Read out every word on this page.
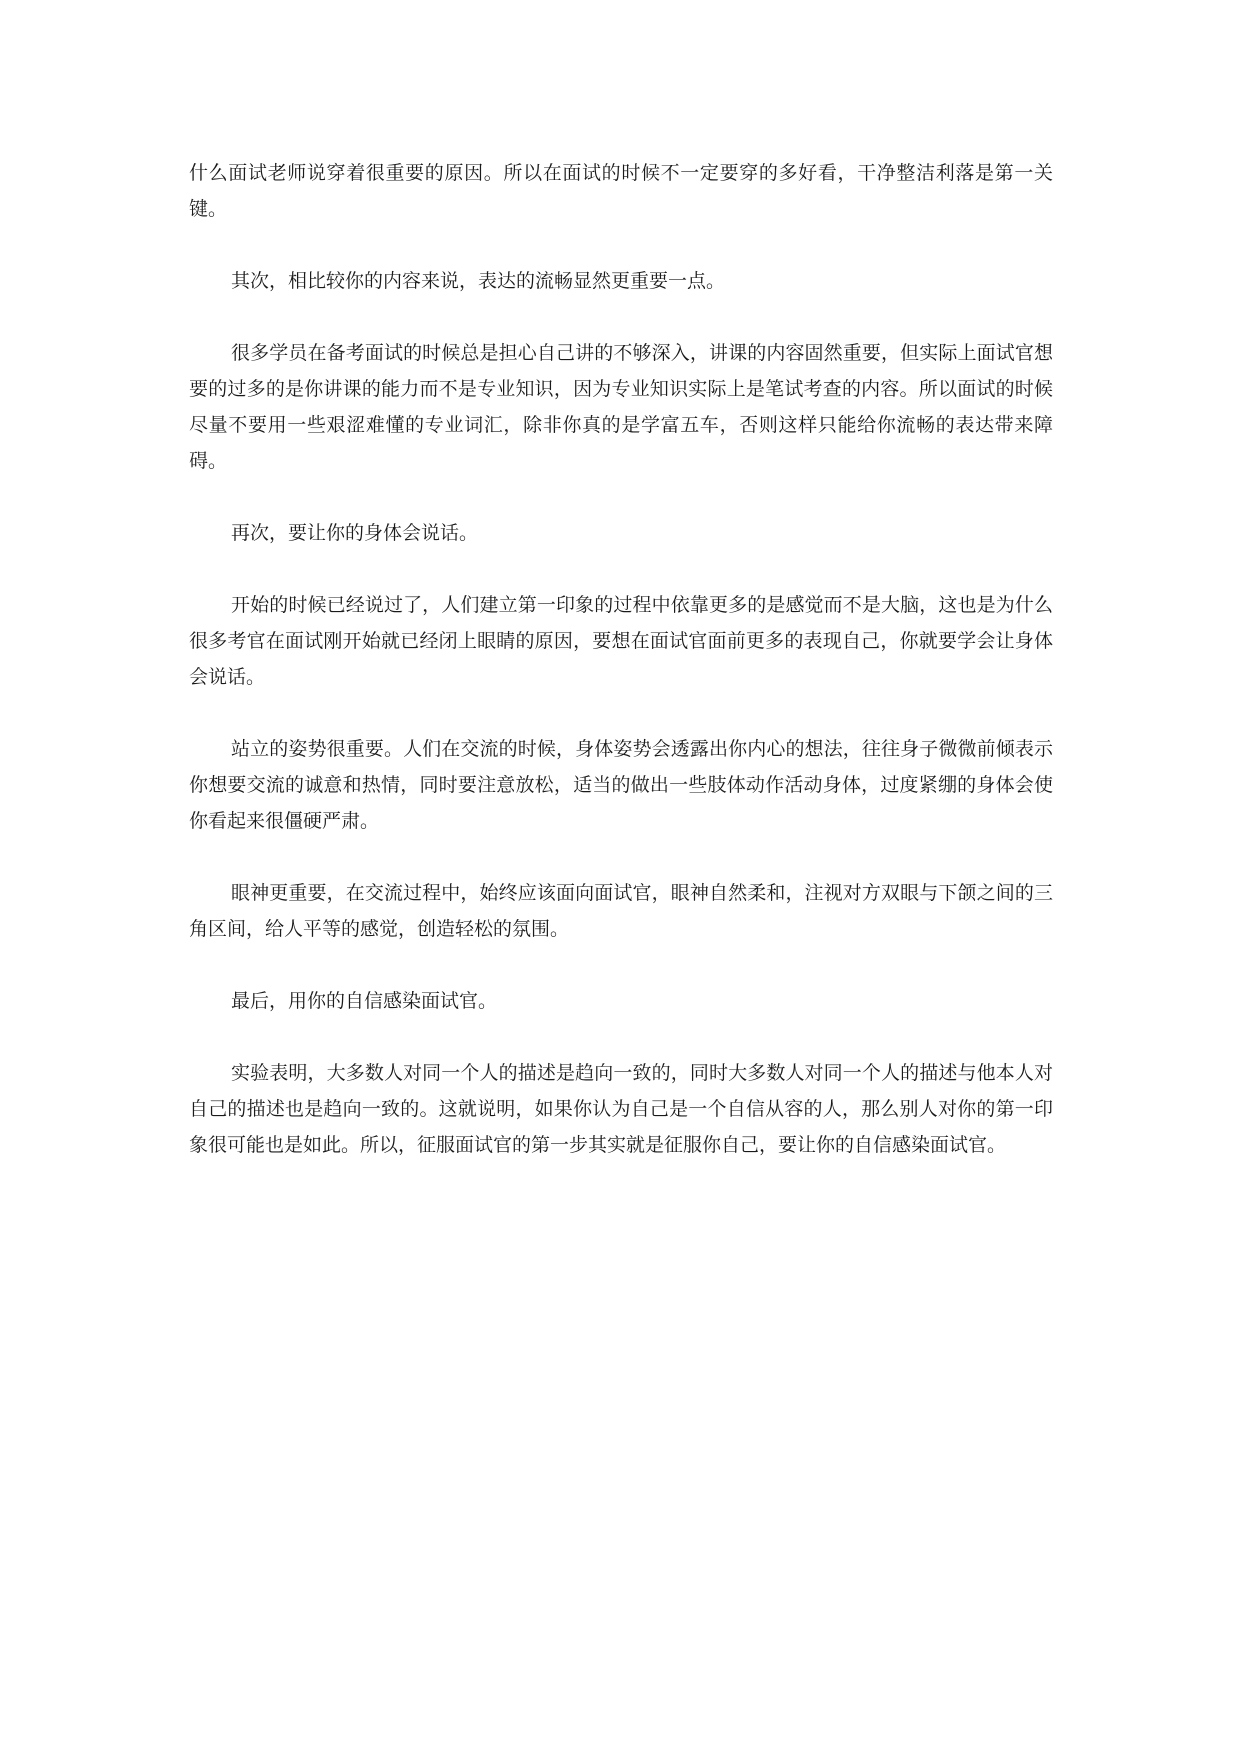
什么面试老师说穿着很重要的原因。所以在面试的时候不一定要穿的多好看，干净整洁利落是第一关键。

其次，相比较你的内容来说，表达的流畅显然更重要一点。

很多学员在备考面试的时候总是担心自己讲的不够深入，讲课的内容固然重要，但实际上面试官想要的过多的是你讲课的能力而不是专业知识，因为专业知识实际上是笔试考查的内容。所以面试的时候尽量不要用一些艰涩难懂的专业词汇，除非你真的是学富五车，否则这样只能给你流畅的表达带来障碍。

再次，要让你的身体会说话。

开始的时候已经说过了，人们建立第一印象的过程中依靠更多的是感觉而不是大脑，这也是为什么很多考官在面试刚开始就已经闭上眼睛的原因，要想在面试官面前更多的表现自己，你就要学会让身体会说话。

站立的姿势很重要。人们在交流的时候，身体姿势会透露出你内心的想法，往往身子微微前倾表示你想要交流的诚意和热情，同时要注意放松，适当的做出一些肢体动作活动身体，过度紧绷的身体会使你看起来很僵硬严肃。

眼神更重要，在交流过程中，始终应该面向面试官，眼神自然柔和，注视对方双眼与下颌之间的三角区间，给人平等的感觉，创造轻松的氛围。

最后，用你的自信感染面试官。

实验表明，大多数人对同一个人的描述是趋向一致的，同时大多数人对同一个人的描述与他本人对自己的描述也是趋向一致的。这就说明，如果你认为自己是一个自信从容的人，那么别人对你的第一印象很可能也是如此。所以，征服面试官的第一步其实就是征服你自己，要让你的自信感染面试官。
